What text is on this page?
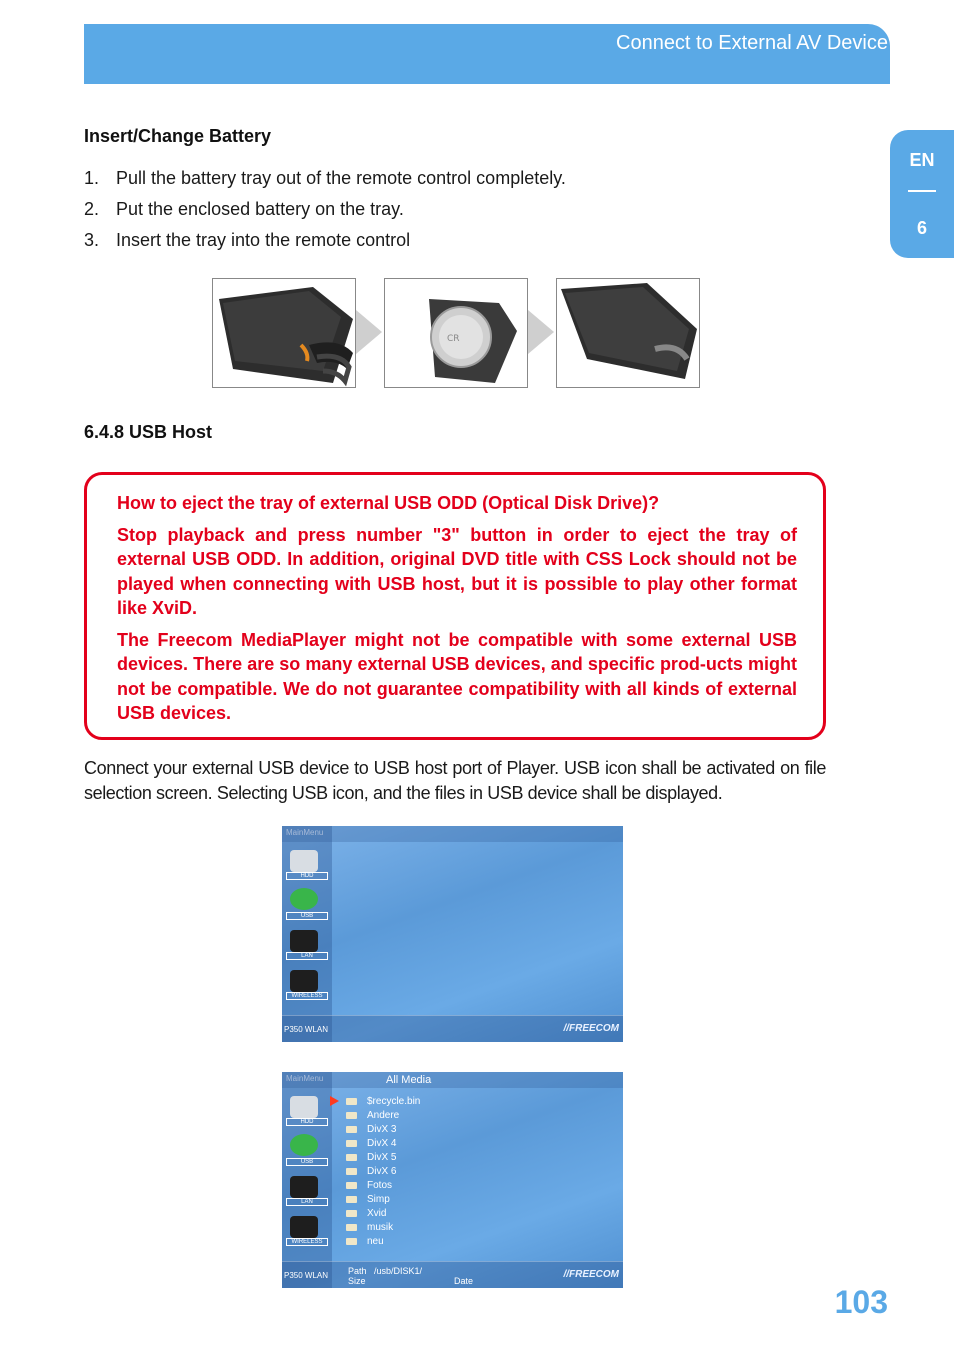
Connect to External AV Device
EN
6
Insert/Change Battery
1. Pull the battery tray out of the remote control completely.
2. Put the enclosed battery on the tray.
3. Insert the tray into the remote control
CR
6.4.8 USB Host

How to eject the tray of external USB ODD (Optical Disk Drive)?

Stop playback and press number "3" button in order to eject the tray of external USB ODD. In addition, original DVD title with CSS Lock should not be played when connecting with USB host, but it is possible to play other format like XviD.

The Freecom MediaPlayer might not be compatible with some external USB devices. There are so many external USB devices, and specific prod-ucts might not be compatible. We do not guarantee compatibility with all kinds of external USB devices.

Connect your external USB device to USB host port of Player. USB icon shall be activated on file selection screen. Selecting USB icon, and the files in USB device shall be displayed.
MainMenu
HDD
USB
LAN
WIRELESS
P350 WLAN	//FREECOM
MainMenu	All Media
HDD
USB
LAN
WIRELESS
$recycle.bin
Andere
DivX 3
DivX 4
DivX 5
DivX 6
Fotos
Simp
Xvid
musik
neu
Path /usb/DISK1/
Size	Date
P350 WLAN	//FREECOM
103
